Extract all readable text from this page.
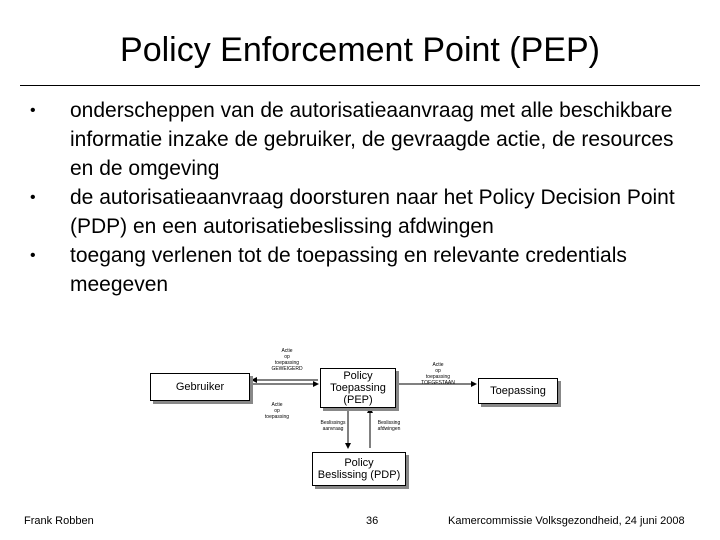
Policy Enforcement Point (PEP)
• onderscheppen van de autorisatieaanvraag met alle beschikbare informatie inzake de gebruiker, de gevraagde actie, de resources en de omgeving
• de autorisatieaanvraag doorsturen naar het Policy Decision Point (PDP) en een autorisatiebeslissing afdwingen
• toegang verlenen tot de toepassing en relevante credentials meegeven
Gebruiker
Policy
Toepassing
(PEP)
Toepassing
Policy
Beslissing (PDP)
Actie
op
toepassing
GEWEIGERD
Actie
op
toepassing
Actie
op
toepassing
TOEGESTAAN
Beslissings
aanvraag
Beslissing
afdwingen
Frank Robben	36	Kamercommissie Volksgezondheid, 24 juni 2008
